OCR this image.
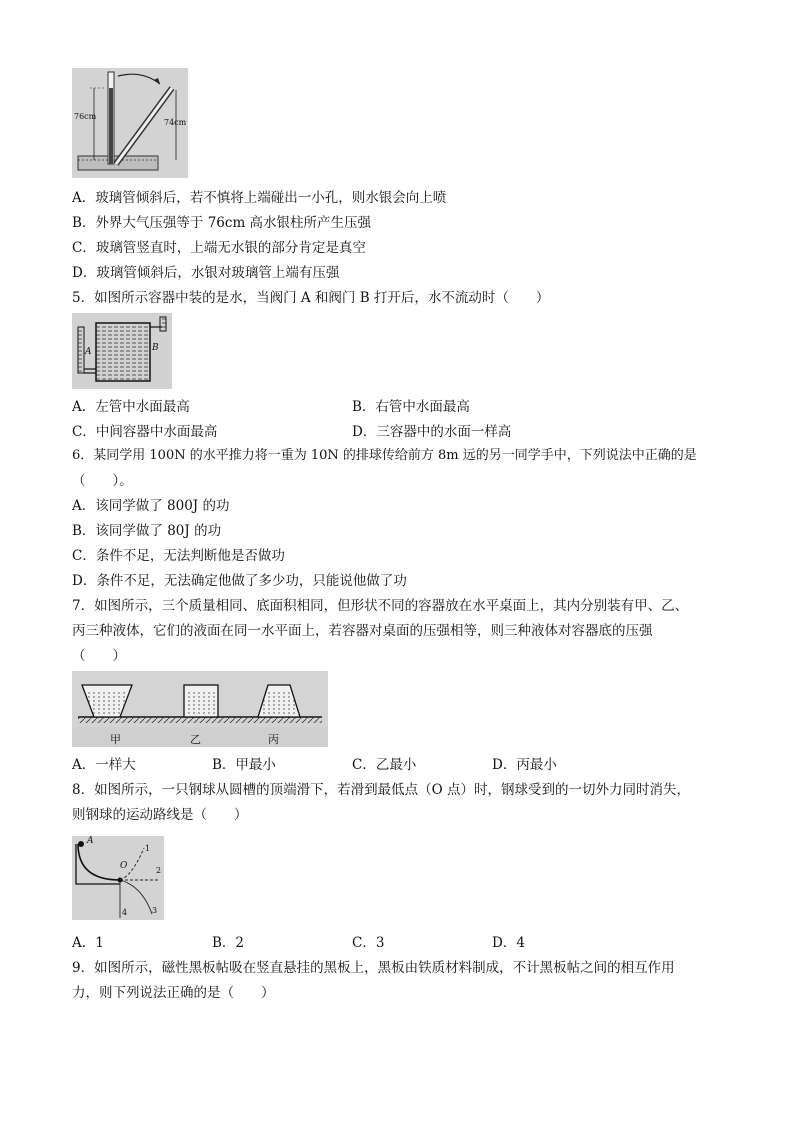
76cm
74cm
A．玻璃管倾斜后，若不慎将上端碰出一小孔，则水银会向上喷
B．外界大气压强等于 76cm 高水银柱所产生压强
C．玻璃管竖直时，上端无水银的部分肯定是真空
D．玻璃管倾斜后，水银对玻璃管上端有压强
5．如图所示容器中装的是水，当阀门 A 和阀门 B 打开后，水不流动时（　　）
A	B
A．左管中水面最高	B．右管中水面最高
C．中间容器中水面最高	D．三容器中的水面一样高
6．某同学用 100N 的水平推力将一重为 10N 的排球传给前方 8m 远的另一同学手中，下列说法中正确的是
（　　）。
A．该同学做了 800J 的功
B．该同学做了 80J 的功
C．条件不足，无法判断他是否做功
D．条件不足，无法确定他做了多少功，只能说他做了功
7．如图所示，三个质量相同、底面积相同，但形状不同的容器放在水平桌面上，其内分别装有甲、乙、
丙三种液体，它们的液面在同一水平面上，若容器对桌面的压强相等，则三种液体对容器底的压强
（　　）
甲	乙	丙
A．一样大	B．甲最小	C．乙最小	D．丙最小
8．如图所示，一只钢球从圆槽的顶端滑下，若滑到最低点（O 点）时，钢球受到的一切外力同时消失，
则钢球的运动路线是（　　）
A
O
1
2
3
4
A．1	B．2	C．3	D．4
9．如图所示，磁性黑板帖吸在竖直悬挂的黑板上，黑板由铁质材料制成，不计黑板帖之间的相互作用
力，则下列说法正确的是（　　）
